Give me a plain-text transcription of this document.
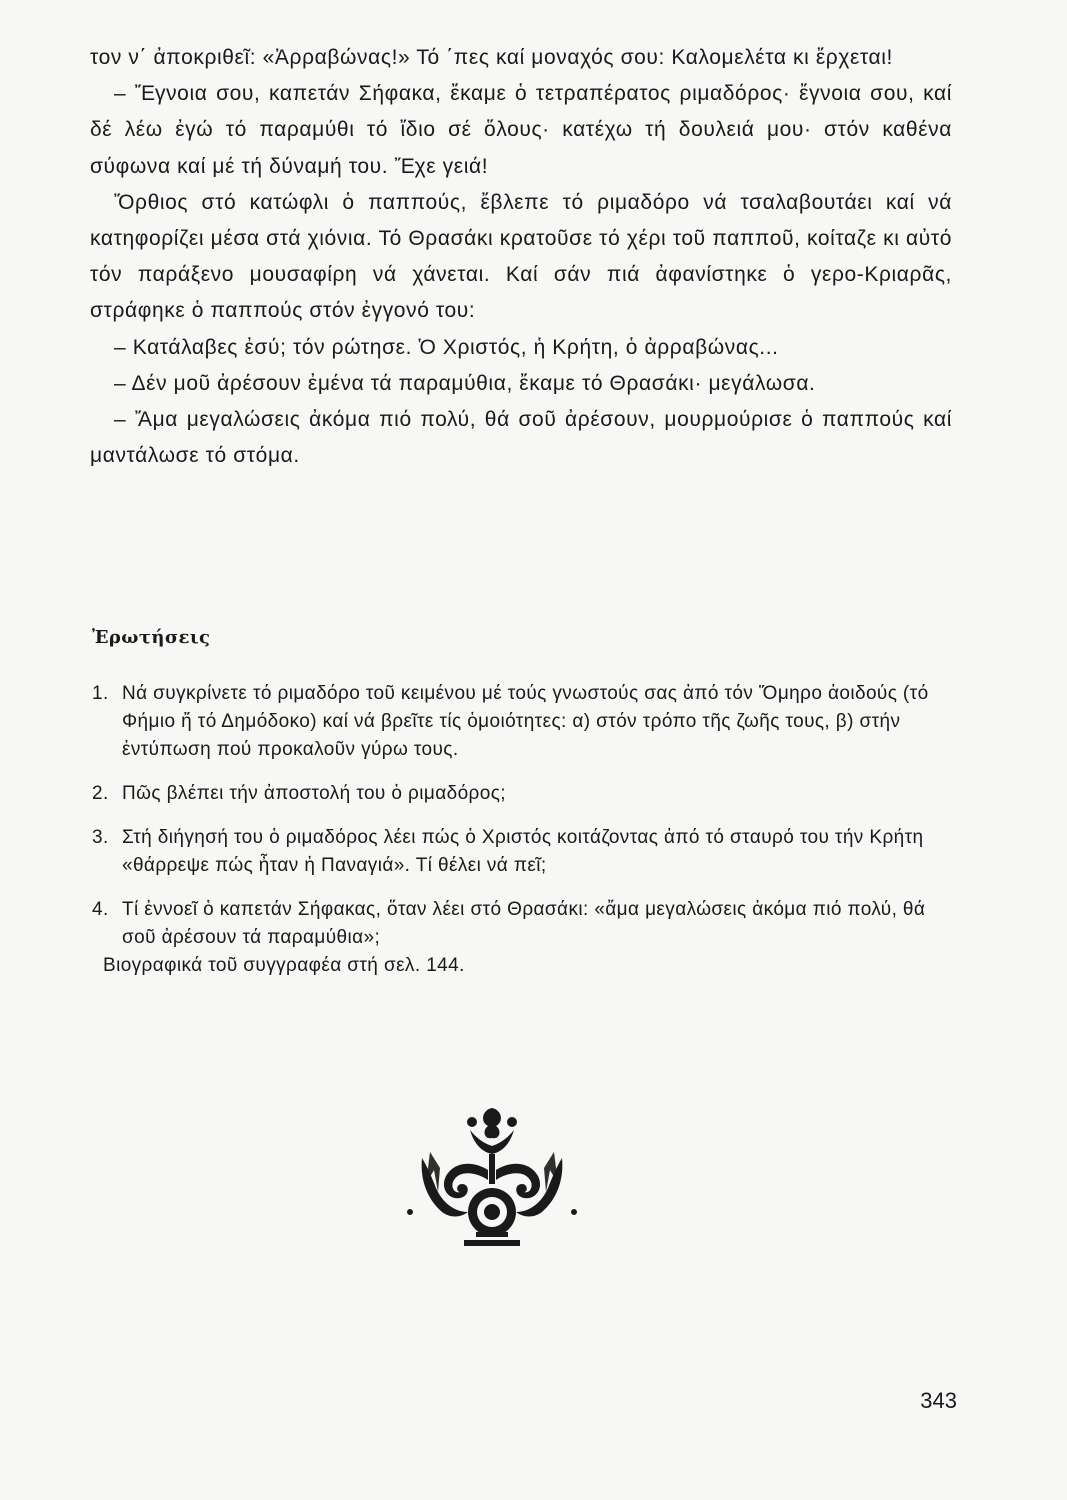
τον ν΄ ἀποκριθεῖ: «Ἀρραβώνας!» Τό ΄πες καί μοναχός σου: Καλομελέτα κι ἔρχεται!

– Ἔγνοια σου, καπετάν Σήφακα, ἔκαμε ὁ τετραπέρατος ριμαδόρος· ἔγνοια σου, καί δέ λέω ἐγώ τό παραμύθι τό ἴδιο σέ ὅλους· κατέχω τή δουλειά μου· στόν καθένα σύφωνα καί μέ τή δύναμή του. Ἔχε γειά!

Ὄρθιος στό κατώφλι ὁ παππούς, ἔβλεπε τό ριμαδόρο νά τσαλαβουτάει καί νά κατηφορίζει μέσα στά χιόνια. Τό Θρασάκι κρατοῦσε τό χέρι τοῦ παπποῦ, κοίταζε κι αὐτό τόν παράξενο μουσαφίρη νά χάνεται. Καί σάν πιά ἀφανίστηκε ὁ γερο-Κριαρᾶς, στράφηκε ὁ παππούς στόν ἐγγονό του:

– Κατάλαβες ἐσύ; τόν ρώτησε. Ὁ Χριστός, ἡ Κρήτη, ὁ ἀρραβώνας...

– Δέν μοῦ ἀρέσουν ἐμένα τά παραμύθια, ἔκαμε τό Θρασάκι· μεγάλωσα.

– Ἄμα μεγαλώσεις ἀκόμα πιό πολύ, θά σοῦ ἀρέσουν, μουρμούρισε ὁ παππούς καί μαντάλωσε τό στόμα.

Ἐρωτήσεις
1. Νά συγκρίνετε τό ριμαδόρο τοῦ κειμένου μέ τούς γνωστούς σας ἀπό τόν Ὅμηρο ἀοιδούς (τό Φήμιο ἤ τό Δημόδοκο) καί νά βρεῖτε τίς ὁμοιότητες: α) στόν τρόπο τῆς ζωῆς τους, β) στήν ἐντύπωση πού προκαλοῦν γύρω τους.
2. Πῶς βλέπει τήν ἀποστολή του ὁ ριμαδόρος;
3. Στή διήγησή του ὁ ριμαδόρος λέει πώς ὁ Χριστός κοιτάζοντας ἀπό τό σταυρό του τήν Κρήτη «θάρρεψε πώς ἦταν ἡ Παναγιά». Τί θέλει νά πεῖ;
4. Τί ἐννοεῖ ὁ καπετάν Σήφακας, ὅταν λέει στό Θρασάκι: «ἄμα μεγαλώσεις ἀκόμα πιό πολύ, θά σοῦ ἀρέσουν τά παραμύθια»;
Βιογραφικά τοῦ συγγραφέα στή σελ. 144.
343
